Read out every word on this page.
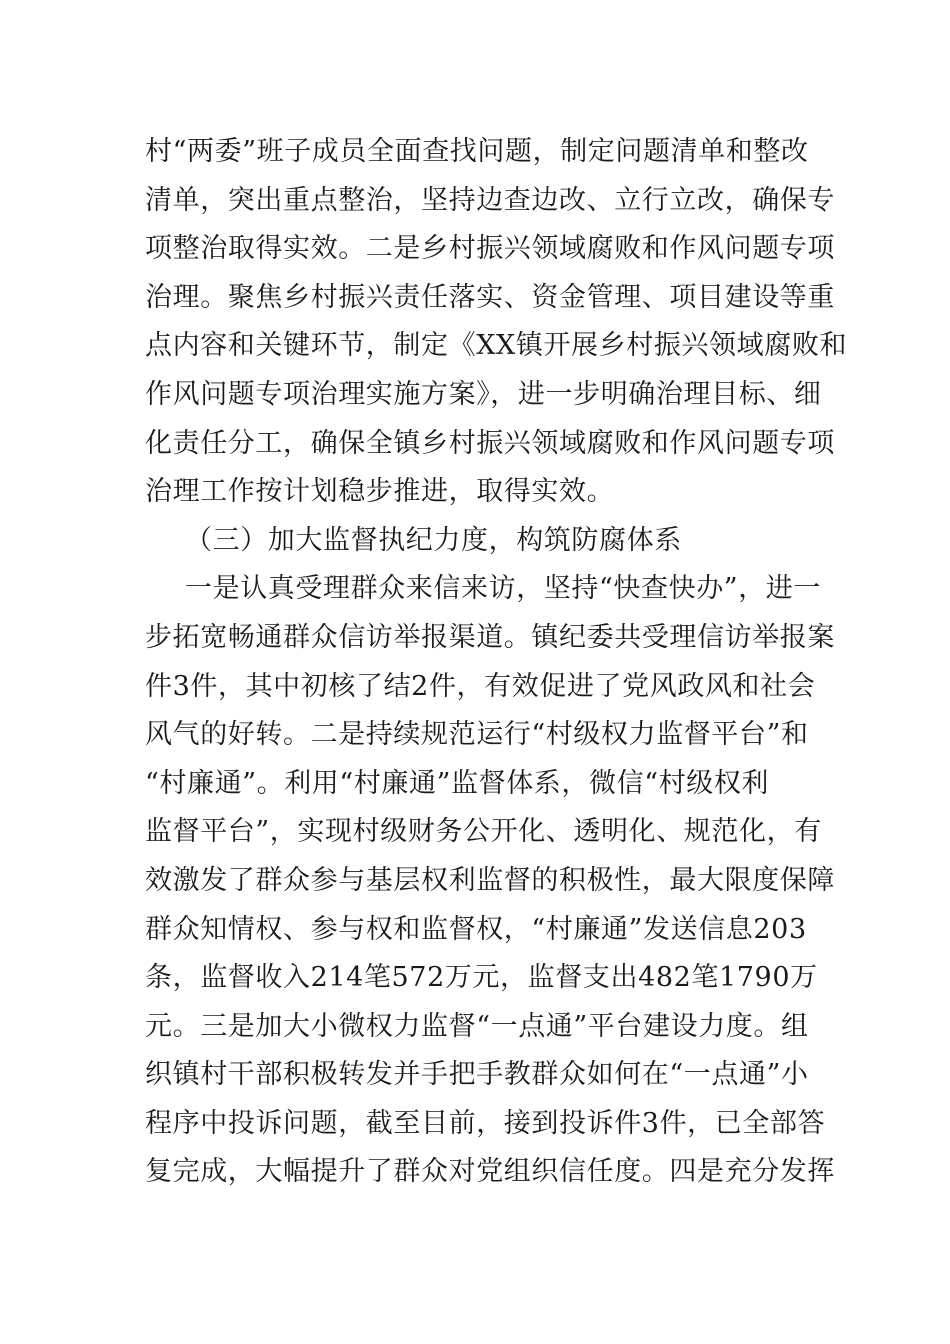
村“两委”班子成员全面查找问题，制定问题清单和整改
清单，突出重点整治，坚持边查边改、立行立改，确保专
项整治取得实效。二是乡村振兴领域腐败和作风问题专项
治理。聚焦乡村振兴责任落实、资金管理、项目建设等重
点内容和关键环节，制定《XX镇开展乡村振兴领域腐败和
作风问题专项治理实施方案》，进一步明确治理目标、细
化责任分工，确保全镇乡村振兴领域腐败和作风问题专项
治理工作按计划稳步推进，取得实效。
（三）加大监督执纪力度，构筑防腐体系
一是认真受理群众来信来访，坚持“快查快办”，进一
步拓宽畅通群众信访举报渠道。镇纪委共受理信访举报案
件3件，其中初核了结2件，有效促进了党风政风和社会
风气的好转。二是持续规范运行“村级权力监督平台”和
“村廉通”。利用“村廉通”监督体系，微信“村级权利
监督平台”，实现村级财务公开化、透明化、规范化，有
效激发了群众参与基层权利监督的积极性，最大限度保障
群众知情权、参与权和监督权，“村廉通”发送信息203
条，监督收入214笔572万元，监督支出482笔1790万
元。三是加大小微权力监督“一点通”平台建设力度。组
织镇村干部积极转发并手把手教群众如何在“一点通”小
程序中投诉问题，截至目前，接到投诉件3件，已全部答
复完成，大幅提升了群众对党组织信任度。四是充分发挥
